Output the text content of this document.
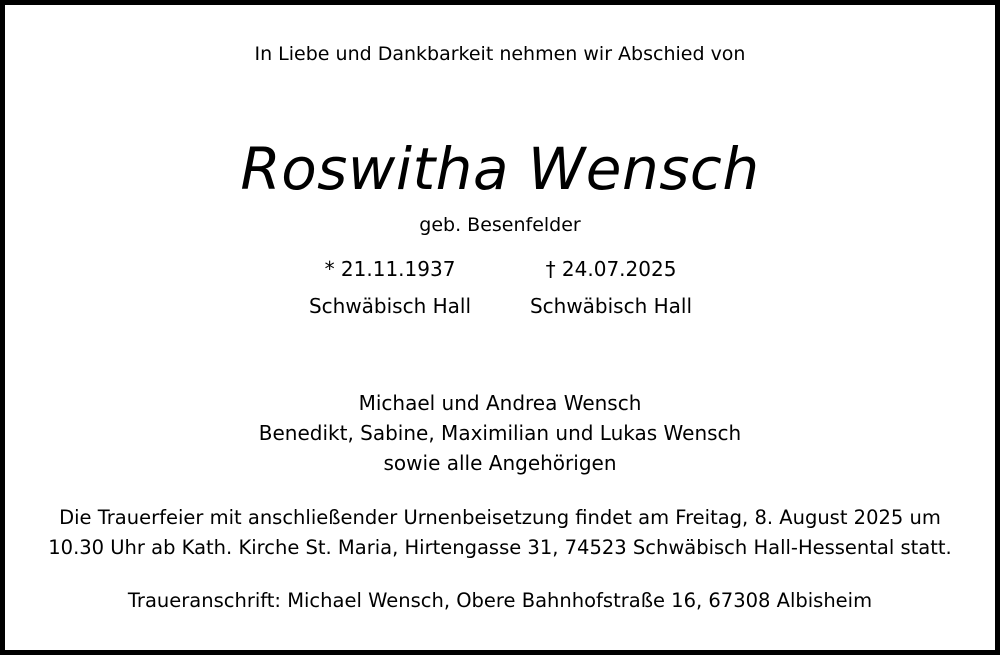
In Liebe und Dankbarkeit nehmen wir Abschied von
Roswitha Wensch
geb. Besenfelder
* 21.11.1937
Schwäbisch Hall
† 24.07.2025
Schwäbisch Hall
Michael und Andrea Wensch
Benedikt, Sabine, Maximilian und Lukas Wensch
sowie alle Angehörigen
Die Trauerfeier mit anschließender Urnenbeisetzung findet am Freitag, 8. August 2025 um
10.30 Uhr ab Kath. Kirche St. Maria, Hirtengasse 31, 74523 Schwäbisch Hall-Hessental statt.
Traueranschrift: Michael Wensch, Obere Bahnhofstraße 16, 67308 Albisheim
